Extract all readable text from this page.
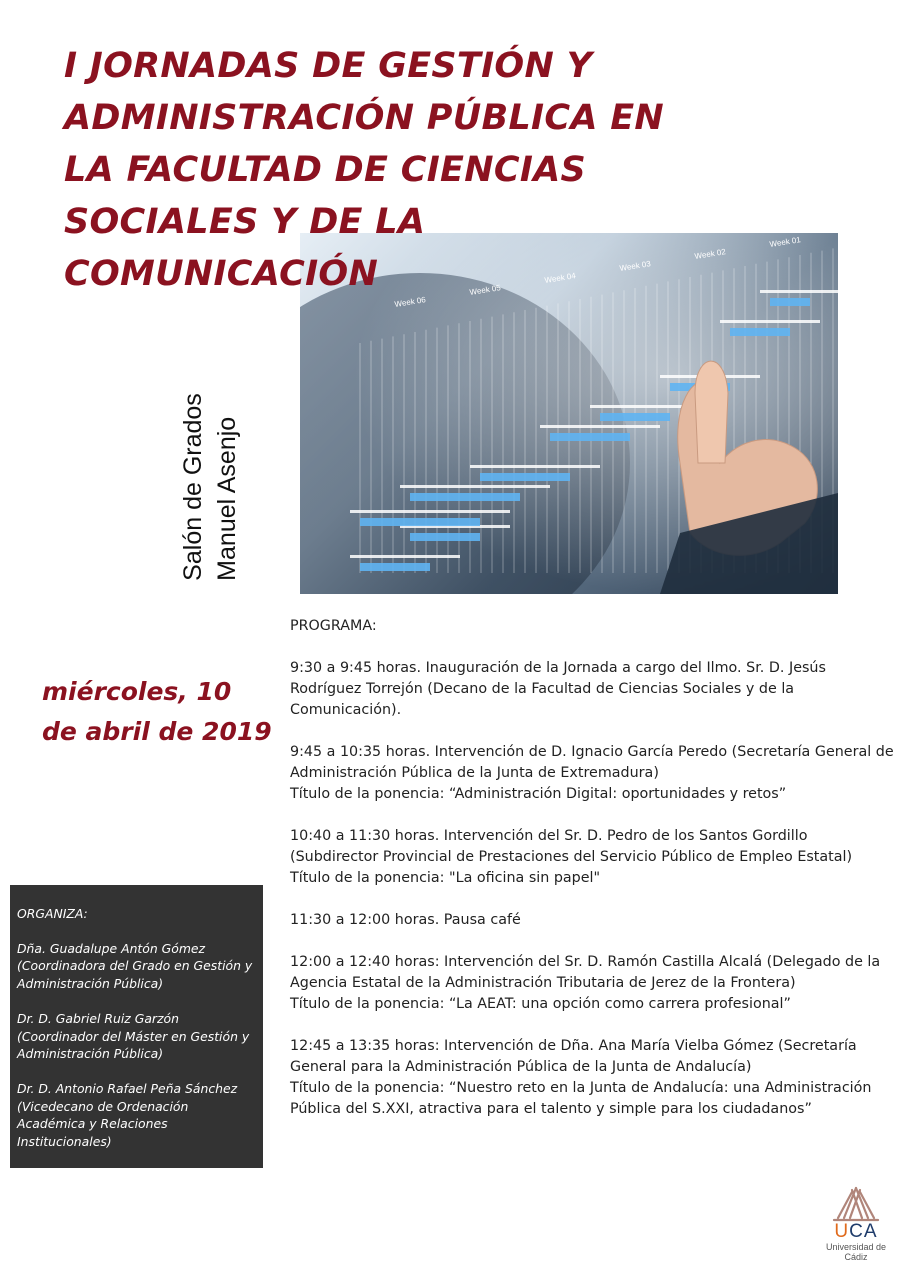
I JORNADAS DE GESTIÓN Y
ADMINISTRACIÓN PÚBLICA EN
LA FACULTAD DE CIENCIAS
SOCIALES Y DE LA
COMUNICACIÓN
Week 01
Week 02
Week 03
Week 04
Week 05
Week 06
Salón de Grados Manuel Asenjo
miércoles, 10 de abril de 2019
PROGRAMA:
9:30 a 9:45 horas. Inauguración de la Jornada a cargo del Ilmo. Sr. D. Jesús Rodríguez Torrejón (Decano de la Facultad de Ciencias Sociales y de la Comunicación).
9:45 a 10:35 horas. Intervención de D. Ignacio García Peredo (Secretaría General de Administración Pública de la Junta de Extremadura)
Título de la ponencia: “Administración Digital: oportunidades y retos”
10:40 a 11:30 horas. Intervención del Sr. D. Pedro de los Santos Gordillo (Subdirector Provincial de Prestaciones del Servicio Público de Empleo Estatal)
Título de la ponencia: "La oficina sin papel"
11:30 a 12:00 horas. Pausa café
12:00 a 12:40 horas: Intervención del Sr. D. Ramón Castilla Alcalá (Delegado de la Agencia Estatal de la Administración Tributaria de Jerez de la Frontera)
Título de la ponencia: “La AEAT: una opción como carrera profesional”
12:45 a 13:35 horas: Intervención de Dña. Ana María Vielba Gómez (Secretaría General para la Administración Pública de la Junta de Andalucía)
Título de la ponencia: “Nuestro reto en la Junta de Andalucía: una Administración Pública del S.XXI, atractiva para el talento y simple para los ciudadanos”
ORGANIZA:
Dña. Guadalupe Antón Gómez
(Coordinadora del Grado en Gestión y Administración Pública)
Dr. D. Gabriel Ruiz Garzón
(Coordinador del Máster en Gestión y Administración Pública)
Dr. D. Antonio Rafael Peña Sánchez
(Vicedecano de Ordenación Académica y Relaciones Institucionales)
UCA
Universidad de Cádiz
